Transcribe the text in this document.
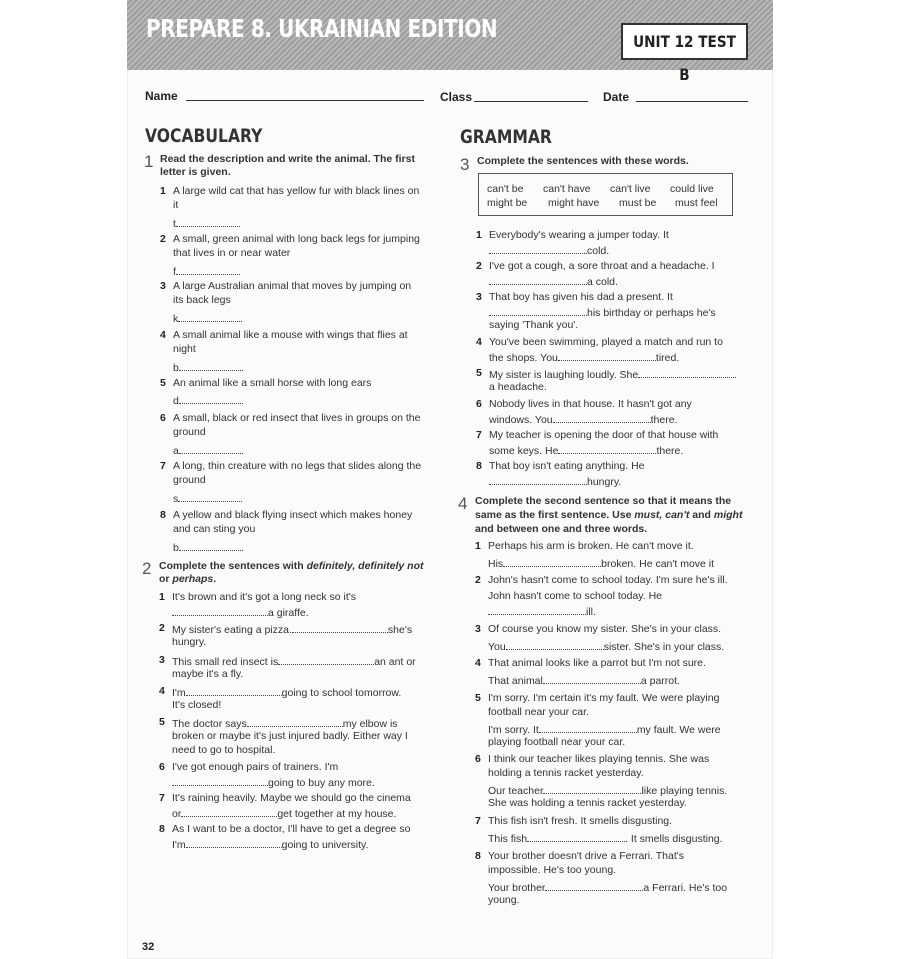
PREPARE 8. UKRAINIAN EDITION	UNIT 12 TEST B
Name	Class	Date
VOCABULARY	GRAMMAR
1 Read the description and write the animal. The first
letter is given.
2 Complete the sentences with definitely, definitely not
or perhaps.
3 Complete the sentences with these words.
4 Complete the second sentence so that it means the
same as the first sentence. Use must, can't and might
and between one and three words.
32
1 A large wild cat that has yellow fur with black lines on
it
t
2 A small, green animal with long back legs for jumping
that lives in or near water
f
3 A large Australian animal that moves by jumping on
its back legs
k
4 A small animal like a mouse with wings that flies at
night
b
5 An animal like a small horse with long ears
d
6 A small, black or red insect that lives in groups on the
ground
a
7 A long, thin creature with no legs that slides along the
ground
s
8 A yellow and black flying insect which makes honey
and can sting you
b
1 It's brown and it's got a long neck so it's
a giraffe.
2 My sister's eating a pizza.	she's
hungry.
3 This small red insect is	an ant or
maybe it's a fly.
4 I'm	going to school tomorrow.
It's closed!
5 The doctor says	my elbow is
broken or maybe it's just injured badly. Either way I
need to go to hospital.
6 I've got enough pairs of trainers. I'm
going to buy any more.
7 It's raining heavily. Maybe we should go the cinema
or	get together at my house.
8 As I want to be a doctor, I'll have to get a degree so
I'm	going to university.
can't be can't have can't live could live
might be might have must be must feel
1 Everybody's wearing a jumper today. It
cold.
2 I've got a cough, a sore throat and a headache. I
a cold.
3 That boy has given his dad a present. It
his birthday or perhaps he's
saying 'Thank you'.
4 You've been swimming, played a match and run to
the shops. You	tired.
5 My sister is laughing loudly. She
a headache.
6 Nobody lives in that house. It hasn't got any
windows. You	there.
7 My teacher is opening the door of that house with
some keys. He	there.
8 That boy isn't eating anything. He
hungry.
1 Perhaps his arm is broken. He can't move it.
His	broken. He can't move it
2 John's hasn't come to school today. I'm sure he's ill.
John hasn't come to school today. He
ill.
3 Of course you know my sister. She's in your class.
You	sister. She's in your class.
4 That animal looks like a parrot but I'm not sure.
That animal	a parrot.
5 I'm sorry. I'm certain it's my fault. We were playing
football near your car.
I'm sorry. It	my fault. We were
playing football near your car.
6 I think our teacher likes playing tennis. She was
holding a tennis racket yesterday.
Our teacher	like playing tennis.
She was holding a tennis racket yesterday.
7 This fish isn't fresh. It smells disgusting.
This fish	. It smells disgusting.
8 Your brother doesn't drive a Ferrari. That's
impossible. He's too young.
Your brother	a Ferrari. He's too
young.
